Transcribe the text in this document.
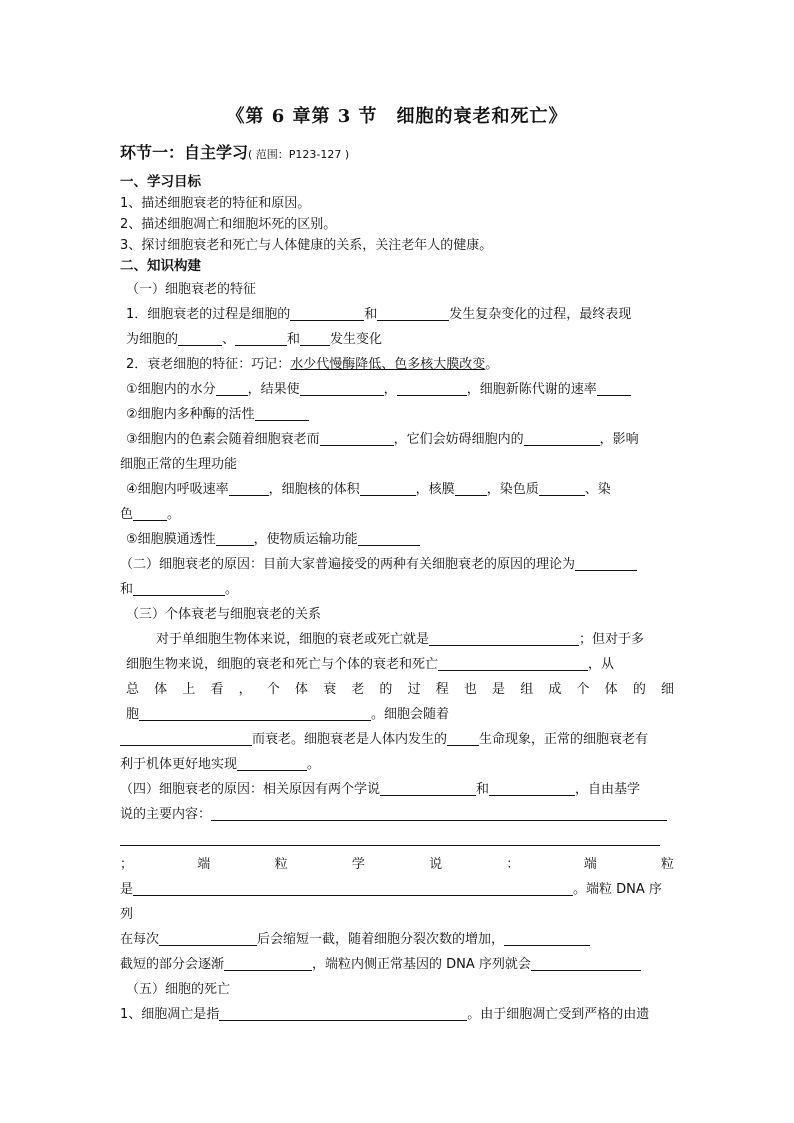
《第 6 章第 3 节　细胞的衰老和死亡》
环节一：自主学习( 范围：P123-127 )
一、学习目标
1、描述细胞衰老的特征和原因。
2、描述细胞凋亡和细胞坏死的区别。
3、探讨细胞衰老和死亡与人体健康的关系，关注老年人的健康。
二、知识构建
（一）细胞衰老的特征
1．细胞衰老的过程是细胞的	和	发生复杂变化的过程，最终表现
为细胞的	、	和 发生变化
2．衰老细胞的特征：巧记：水少代慢酶降低、色多核大膜改变。
①细胞内的水分 ，结果使	，	，细胞新陈代谢的速率
②细胞内多种酶的活性
③细胞内的色素会随着细胞衰老而	，它们会妨碍细胞内的	，影响
细胞正常的生理功能
④细胞内呼吸速率	，细胞核的体积	，核膜 ，染色质	、染
色	。
⑤细胞膜通透性	，使物质运输功能
（二）细胞衰老的原因：目前大家普遍接受的两种有关细胞衰老的原因的理论为
和	。
（三）个体衰老与细胞衰老的关系
对于单细胞生物体来说，细胞的衰老或死亡就是	；但对于多
细胞生物来说，细胞的衰老和死亡与个体的衰老和死亡	，从
总 体 上 看 ， 个 体 衰 老 的 过 程 也 是 组 成 个 体 的 细
胞	。细胞会随着
而衰老。细胞衰老是人体内发生的 生命现象，正常的细胞衰老有
利于机体更好地实现	。
（四）细胞衰老的原因：相关原因有两个学说	和	，自由基学
说的主要内容：
；	端	粒	学	说	：	端	粒
是	。端粒 DNA 序列
在每次	后会缩短一截，随着细胞分裂次数的增加，
截短的部分会逐渐	，端粒内侧正常基因的 DNA 序列就会
（五）细胞的死亡
1、细胞凋亡是指	。由于细胞凋亡受到严格的由遗
